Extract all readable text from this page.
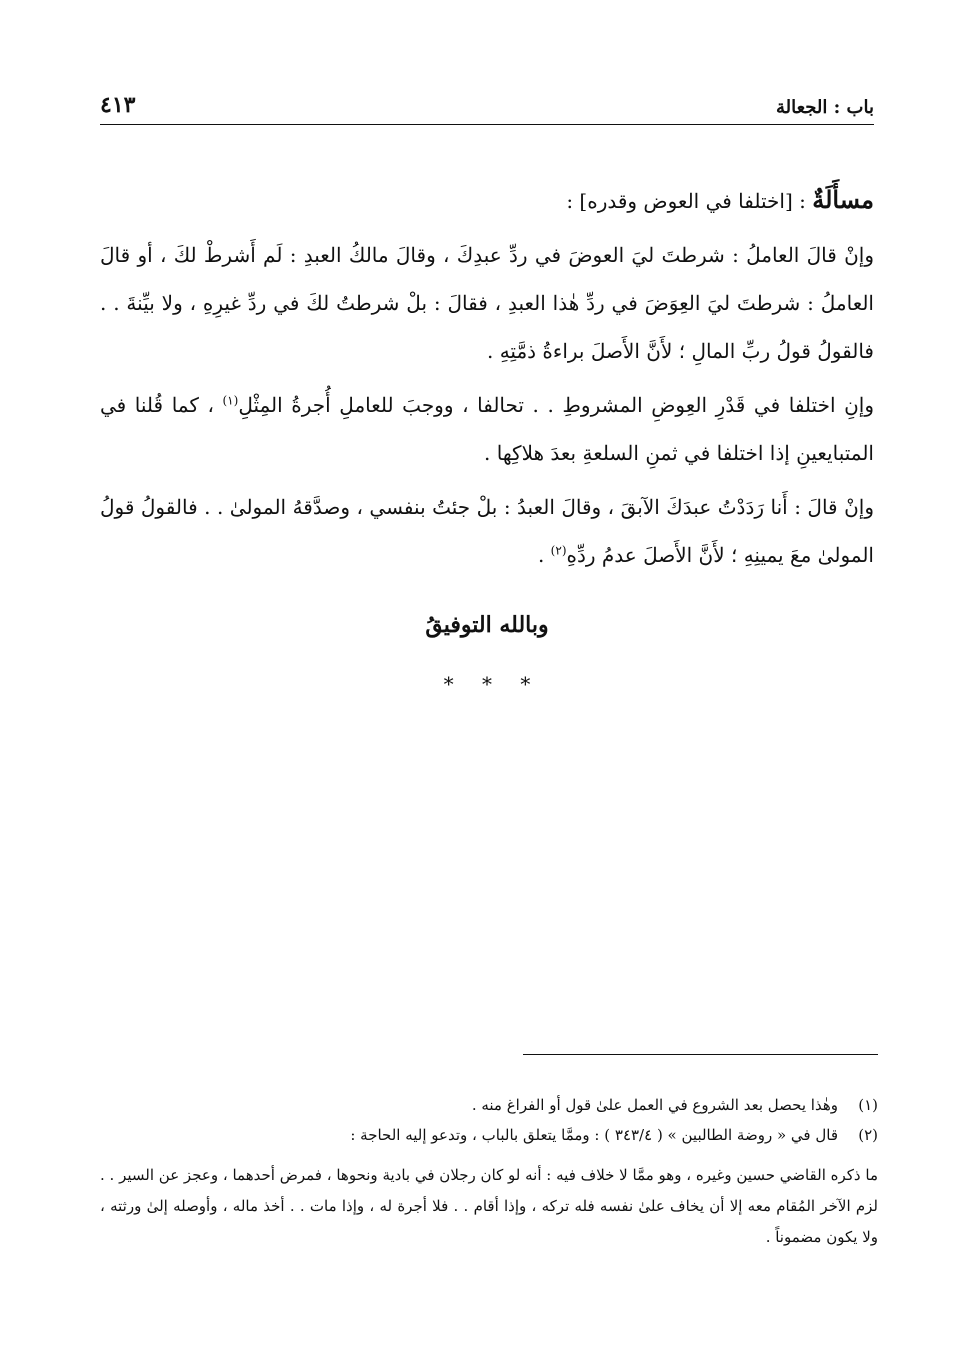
باب : الجعالة
٤١٣

مسأَلَةٌ : [اختلفا في العوض وقدره] :

وإنْ قالَ العاملُ : شرطتَ ليَ العوضَ في ردِّ عبدِكَ ، وقالَ مالكُ العبدِ : لَم أَشرطْ لكَ ، أو قالَ العاملُ : شرطتَ ليَ العِوَضَ في ردِّ هٰذا العبدِ ، فقالَ : بلْ شرطتُ لكَ في ردِّ غيرِهِ ، ولا بيِّنةَ . . فالقولُ قولُ ربِّ المالِ ؛ لأَنَّ الأَصلَ براءةُ ذمَّتِهِ .

وإنِ اختلفا في قَدْرِ العِوضِ المشروطِ . . تحالفا ، ووجبَ للعاملِ أُجرةُ المِثْلِ$^{(١)}$ ، كما قُلنا في المتبايعينِ إذا اختلفا في ثمنِ السلعةِ بعدَ هلاكِها .

وإنْ قالَ : أَنا رَدَدْتُ عبدَكَ الآبقَ ، وقالَ العبدُ : بلْ جئتُ بنفسي ، وصدَّقهُ المولىٰ . . فالقولُ قولُ المولىٰ معَ يمينِهِ ؛ لأَنَّ الأَصلَ عدمُ ردِّهِ$^{(٢)}$ .

وبالله التوفيقُ
* * *

(١)وهٰذا يحصل بعد الشروع في العمل علىٰ قول أو الفراغ منه .

(٢)قال في « روضة الطالبين » ( ٣٤٣/٤ ) : وممَّا يتعلق بالباب ، وتدعو إليه الحاجة :

ما ذكره القاضي حسين وغيره ، وهو ممَّا لا خلاف فيه : أنه لو كان رجلان في بادية ونحوها ، فمرض أحدهما ، وعجز عن السير . . لزم الآخر المُقام معه إلا أن يخاف علىٰ نفسه فله تركه ، وإذا أقام . . فلا أجرة له ، وإذا مات . . أخذ ماله ، وأوصله إلىٰ ورثته ، ولا يكون مضموناً .
